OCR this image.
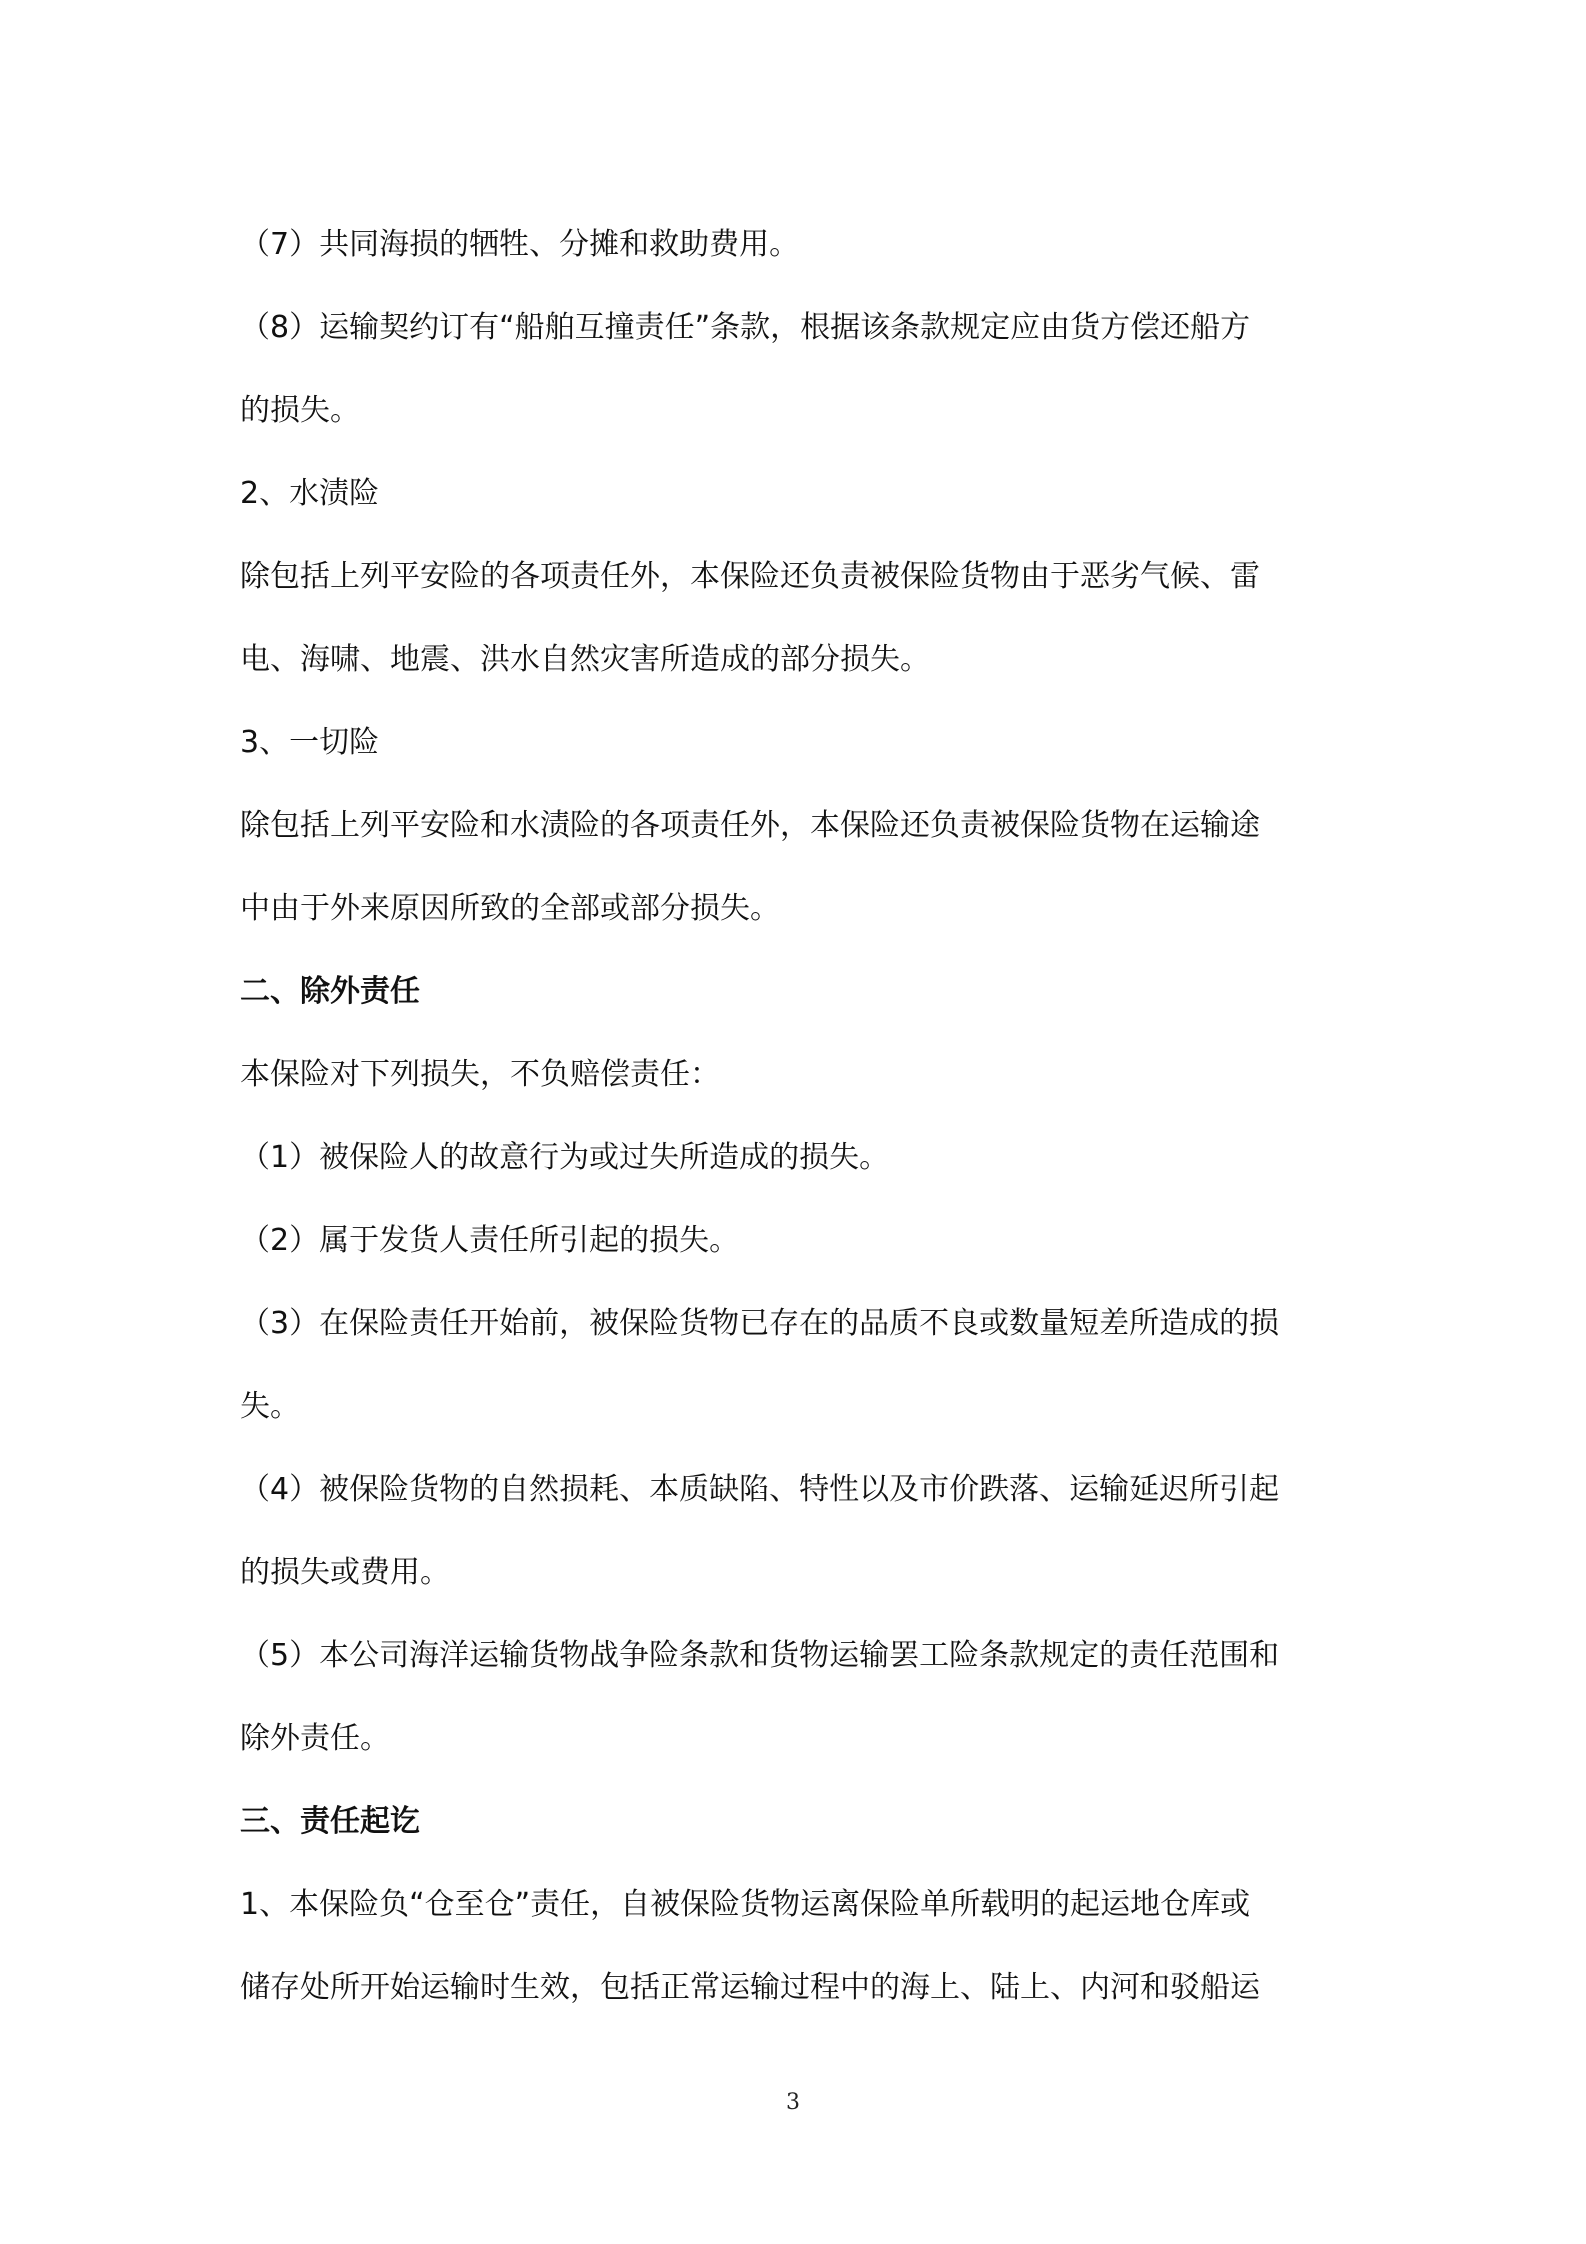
（7）共同海损的牺牲、分摊和救助费用。

（8）运输契约订有“船舶互撞责任”条款，根据该条款规定应由货方偿还船方

的损失。

2、水渍险

除包括上列平安险的各项责任外，本保险还负责被保险货物由于恶劣气候、雷

电、海啸、地震、洪水自然灾害所造成的部分损失。

3、一切险

除包括上列平安险和水渍险的各项责任外，本保险还负责被保险货物在运输途

中由于外来原因所致的全部或部分损失。

二、除外责任

本保险对下列损失，不负赔偿责任：

（1）被保险人的故意行为或过失所造成的损失。

（2）属于发货人责任所引起的损失。

（3）在保险责任开始前，被保险货物已存在的品质不良或数量短差所造成的损

失。

（4）被保险货物的自然损耗、本质缺陷、特性以及市价跌落、运输延迟所引起

的损失或费用。

（5）本公司海洋运输货物战争险条款和货物运输罢工险条款规定的责任范围和

除外责任。

三、责任起讫

1、本保险负“仓至仓”责任，自被保险货物运离保险单所载明的起运地仓库或

储存处所开始运输时生效，包括正常运输过程中的海上、陆上、内河和驳船运

3
